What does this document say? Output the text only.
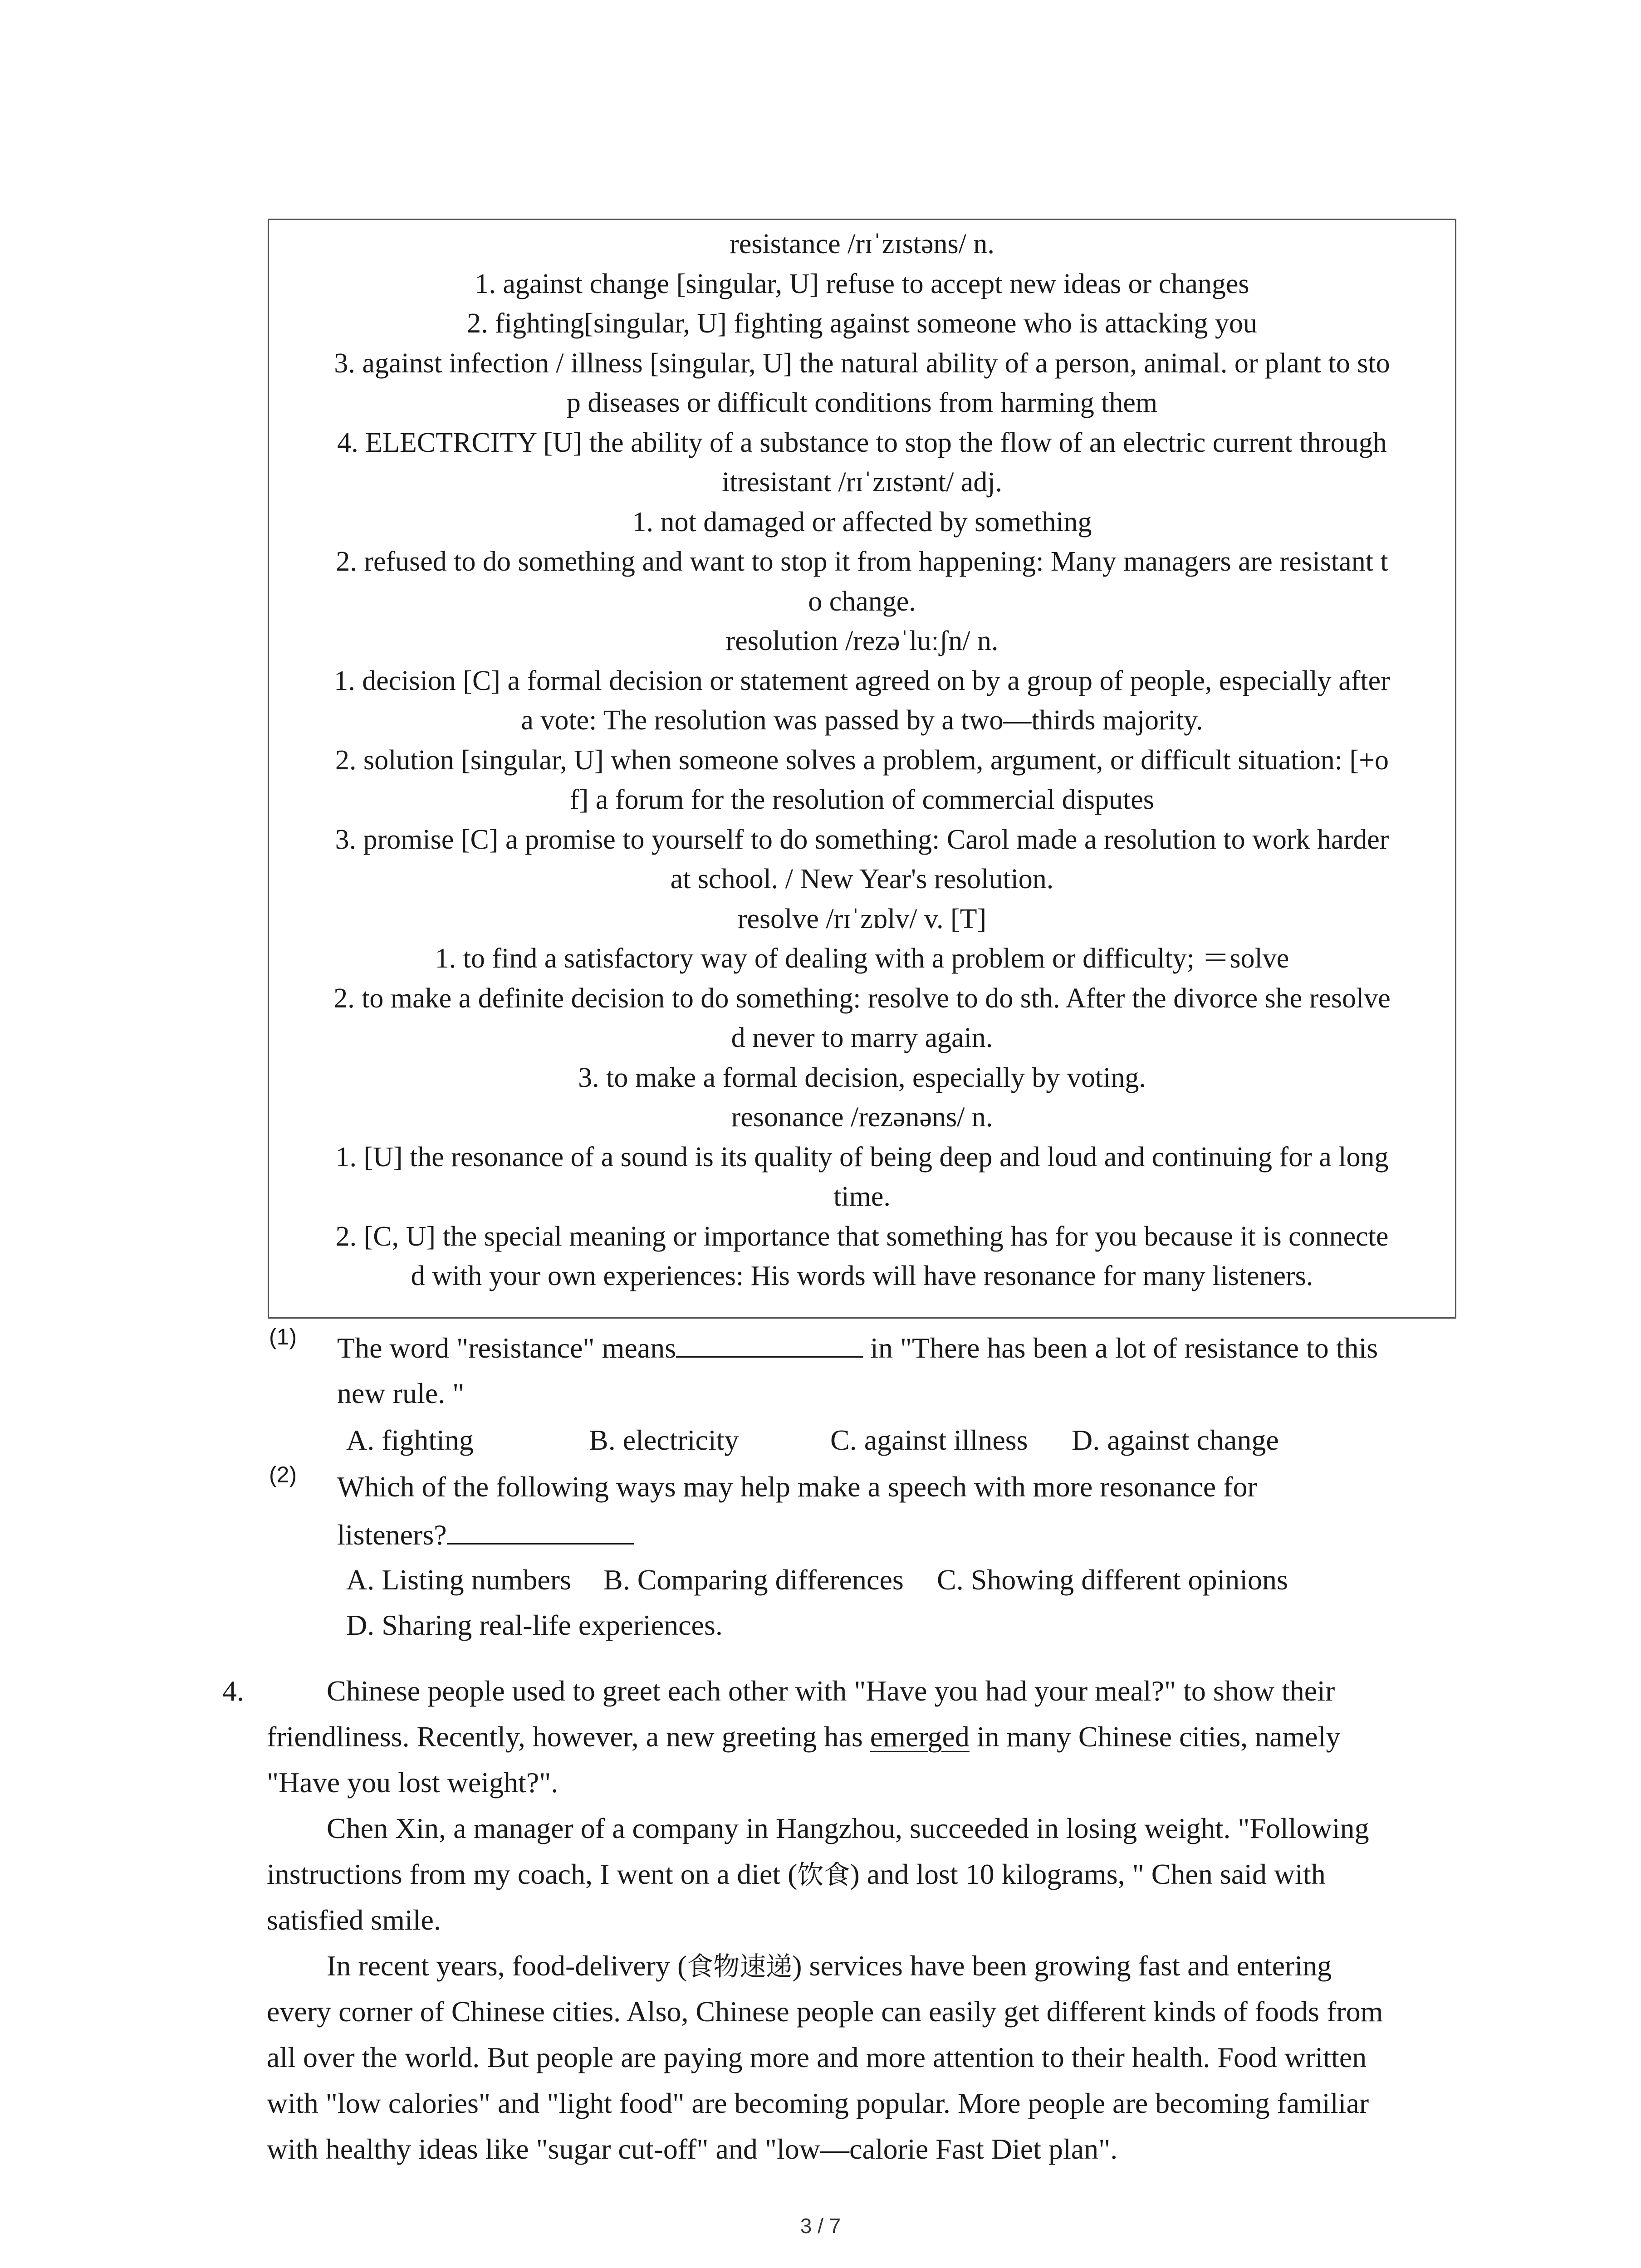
resistance /rɪˈzɪstəns/ n.
1. against change [singular, U] refuse to accept new ideas or changes
2. fighting[singular, U] fighting against someone who is attacking you
3. against infection / illness [singular, U] the natural ability of a person, animal. or plant to sto
p diseases or difficult conditions from harming them
4. ELECTRCITY [U] the ability of a substance to stop the flow of an electric current through
itresistant /rɪˈzɪstənt/ adj.
1. not damaged or affected by something
2. refused to do something and want to stop it from happening: Many managers are resistant t
o change.
resolution /rezəˈluːʃn/ n.
1. decision [C] a formal decision or statement agreed on by a group of people, especially after
a vote: The resolution was passed by a two—thirds majority.
2. solution [singular, U] when someone solves a problem, argument, or difficult situation: [+o
f] a forum for the resolution of commercial disputes
3. promise [C] a promise to yourself to do something: Carol made a resolution to work harder
at school. / New Year's resolution.
resolve /rɪˈzɒlv/ v. [T]
1. to find a satisfactory way of dealing with a problem or difficulty; ＝solve
2. to make a definite decision to do something: resolve to do sth. After the divorce she resolve
d never to marry again.
3. to make a formal decision, especially by voting.
resonance /rezənəns/ n.
1. [U] the resonance of a sound is its quality of being deep and loud and continuing for a long
time.
2. [C, U] the special meaning or importance that something has for you because it is connecte
d with your own experiences: His words will have resonance for many listeners.
(1) The word "resistance" means	in "There has been a lot of resistance to this
new rule. "
A. fighting	B. electricity	C. against illness D. against change
(2) Which of the following ways may help make a speech with more resonance for
listeners?
A. Listing numbers B. Comparing differences C. Showing different opinions
D. Sharing real-life experiences.
4.	Chinese people used to greet each other with "Have you had your meal?" to show their
friendliness. Recently, however, a new greeting has emerged in many Chinese cities, namely
"Have you lost weight?".
Chen Xin, a manager of a company in Hangzhou, succeeded in losing weight. "Following
instructions from my coach, I went on a diet (饮食) and lost 10 kilograms, " Chen said with
satisfied smile.
In recent years, food-delivery (食物速递) services have been growing fast and entering
every corner of Chinese cities. Also, Chinese people can easily get different kinds of foods from
all over the world. But people are paying more and more attention to their health. Food written
with "low calories" and "light food" are becoming popular. More people are becoming familiar
with healthy ideas like "sugar cut-off" and "low—calorie Fast Diet plan".
3 / 7
